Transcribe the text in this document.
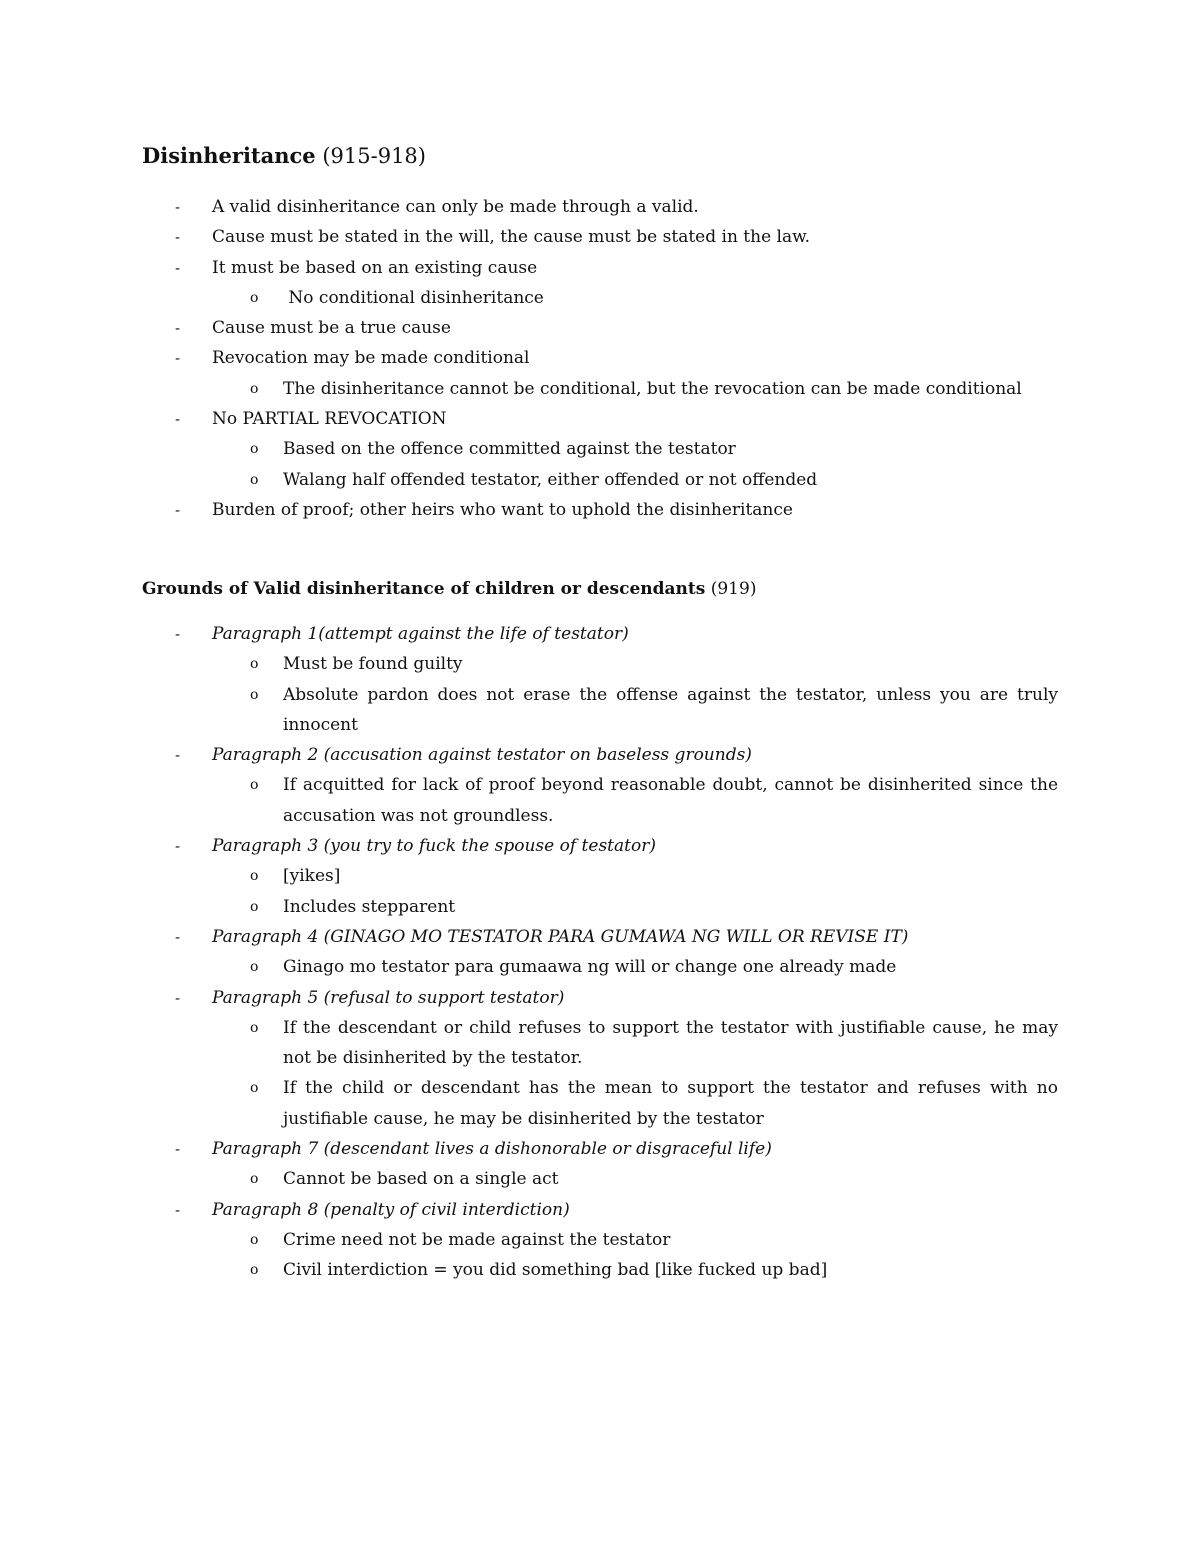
Disinheritance (915-918)
- A valid disinheritance can only be made through a valid.
- Cause must be stated in the will, the cause must be stated in the law.
- It must be based on an existing cause
o No conditional disinheritance
- Cause must be a true cause
- Revocation may be made conditional
o The disinheritance cannot be conditional, but the revocation can be made conditional
- No PARTIAL REVOCATION
o Based on the offence committed against the testator
o Walang half offended testator, either offended or not offended
- Burden of proof; other heirs who want to uphold the disinheritance
Grounds of Valid disinheritance of children or descendants (919)
- Paragraph 1(attempt against the life of testator)
o Must be found guilty
o Absolute pardon does not erase the offense against the testator, unless you are truly innocent
- Paragraph 2 (accusation against testator on baseless grounds)
o If acquitted for lack of proof beyond reasonable doubt, cannot be disinherited since the accusation was not groundless.
- Paragraph 3 (you try to fuck the spouse of testator)
o [yikes]
o Includes stepparent
- Paragraph 4 (GINAGO MO TESTATOR PARA GUMAWA NG WILL OR REVISE IT)
o Ginago mo testator para gumaawa ng will or change one already made
- Paragraph 5 (refusal to support testator)
o If the descendant or child refuses to support the testator with justifiable cause, he may not be disinherited by the testator.
o If the child or descendant has the mean to support the testator and refuses with no justifiable cause, he may be disinherited by the testator
- Paragraph 7 (descendant lives a dishonorable or disgraceful life)
o Cannot be based on a single act
- Paragraph 8 (penalty of civil interdiction)
o Crime need not be made against the testator
o Civil interdiction = you did something bad [like fucked up bad]
